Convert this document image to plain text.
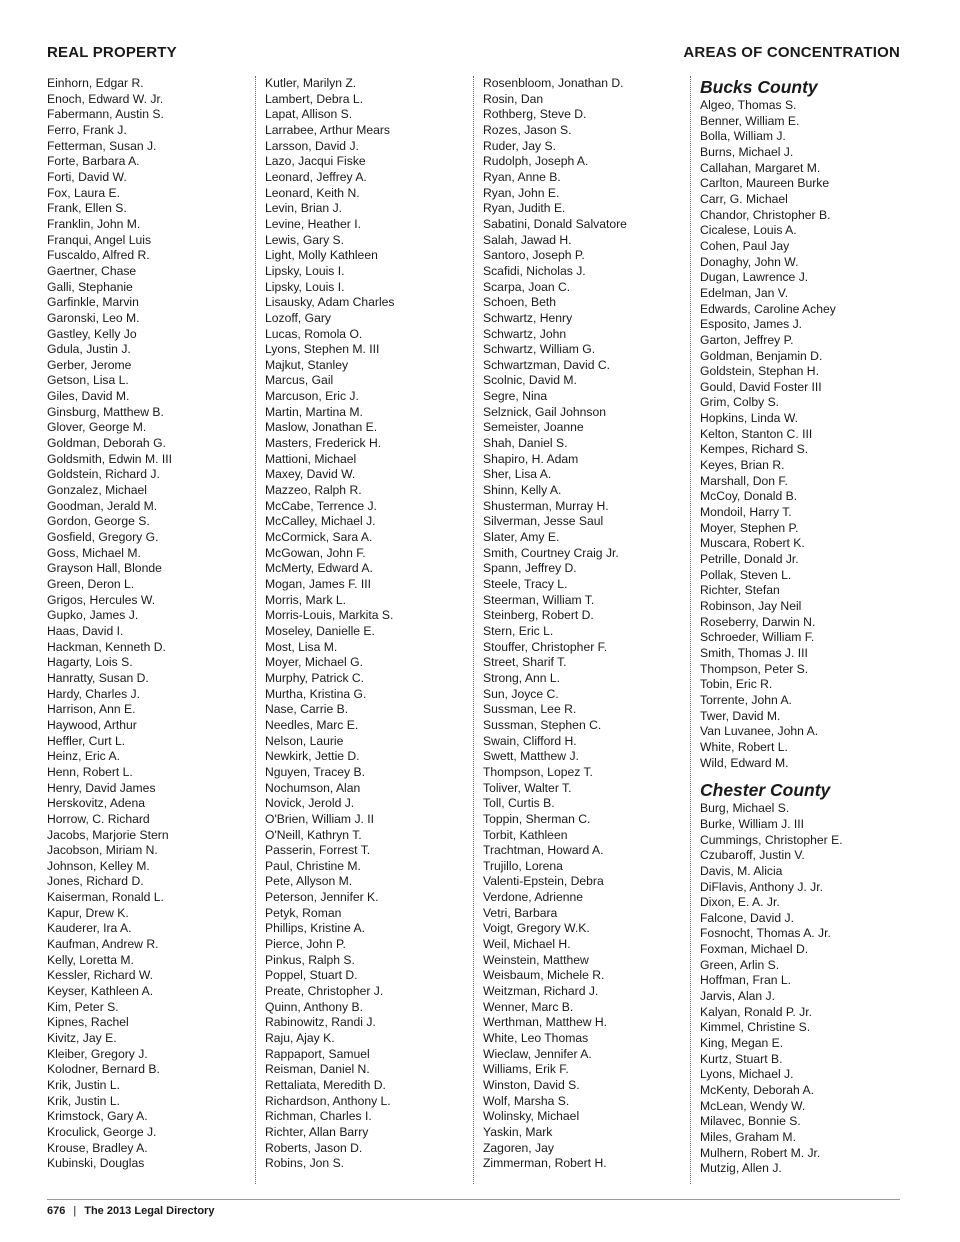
REAL PROPERTY	AREAS OF CONCENTRATION
Einhorn, Edgar R.
Enoch, Edward W. Jr.
Fabermann, Austin S.
Ferro, Frank J.
Fetterman, Susan J.
Forte, Barbara A.
Forti, David W.
Fox, Laura E.
Frank, Ellen S.
Franklin, John M.
Franqui, Angel Luis
Fuscaldo, Alfred R.
Gaertner, Chase
Galli, Stephanie
Garfinkle, Marvin
Garonski, Leo M.
Gastley, Kelly Jo
Gdula, Justin J.
Gerber, Jerome
Getson, Lisa L.
Giles, David M.
Ginsburg, Matthew B.
Glover, George M.
Goldman, Deborah G.
Goldsmith, Edwin M. III
Goldstein, Richard J.
Gonzalez, Michael
Goodman, Jerald M.
Gordon, George S.
Gosfield, Gregory G.
Goss, Michael M.
Grayson Hall, Blonde
Green, Deron L.
Grigos, Hercules W.
Gupko, James J.
Haas, David I.
Hackman, Kenneth D.
Hagarty, Lois S.
Hanratty, Susan D.
Hardy, Charles J.
Harrison, Ann E.
Haywood, Arthur
Heffler, Curt L.
Heinz, Eric A.
Henn, Robert L.
Henry, David James
Herskovitz, Adena
Horrow, C. Richard
Jacobs, Marjorie Stern
Jacobson, Miriam N.
Johnson, Kelley M.
Jones, Richard D.
Kaiserman, Ronald L.
Kapur, Drew K.
Kauderer, Ira A.
Kaufman, Andrew R.
Kelly, Loretta M.
Kessler, Richard W.
Keyser, Kathleen A.
Kim, Peter S.
Kipnes, Rachel
Kivitz, Jay E.
Kleiber, Gregory J.
Kolodner, Bernard B.
Krik, Justin L.
Krik, Justin L.
Krimstock, Gary A.
Kroculick, George J.
Krouse, Bradley A.
Kubinski, Douglas
Kutler, Marilyn Z.
Lambert, Debra L.
Lapat, Allison S.
Larrabee, Arthur Mears
Larsson, David J.
Lazo, Jacqui Fiske
Leonard, Jeffrey A.
Leonard, Keith N.
Levin, Brian J.
Levine, Heather I.
Lewis, Gary S.
Light, Molly Kathleen
Lipsky, Louis I.
Lipsky, Louis I.
Lisausky, Adam Charles
Lozoff, Gary
Lucas, Romola O.
Lyons, Stephen M. III
Majkut, Stanley
Marcus, Gail
Marcuson, Eric J.
Martin, Martina M.
Maslow, Jonathan E.
Masters, Frederick H.
Mattioni, Michael
Maxey, David W.
Mazzeo, Ralph R.
McCabe, Terrence J.
McCalley, Michael J.
McCormick, Sara A.
McGowan, John F.
McMerty, Edward A.
Mogan, James F. III
Morris, Mark L.
Morris-Louis, Markita S.
Moseley, Danielle E.
Most, Lisa M.
Moyer, Michael G.
Murphy, Patrick C.
Murtha, Kristina G.
Nase, Carrie B.
Needles, Marc E.
Nelson, Laurie
Newkirk, Jettie D.
Nguyen, Tracey B.
Nochumson, Alan
Novick, Jerold J.
O'Brien, William J. II
O'Neill, Kathryn T.
Passerin, Forrest T.
Paul, Christine M.
Pete, Allyson M.
Peterson, Jennifer K.
Petyk, Roman
Phillips, Kristine A.
Pierce, John P.
Pinkus, Ralph S.
Poppel, Stuart D.
Preate, Christopher J.
Quinn, Anthony B.
Rabinowitz, Randi J.
Raju, Ajay K.
Rappaport, Samuel
Reisman, Daniel N.
Rettaliata, Meredith D.
Richardson, Anthony L.
Richman, Charles I.
Richter, Allan Barry
Roberts, Jason D.
Robins, Jon S.
Rosenbloom, Jonathan D.
Rosin, Dan
Rothberg, Steve D.
Rozes, Jason S.
Ruder, Jay S.
Rudolph, Joseph A.
Ryan, Anne B.
Ryan, John E.
Ryan, Judith E.
Sabatini, Donald Salvatore
Salah, Jawad H.
Santoro, Joseph P.
Scafidi, Nicholas J.
Scarpa, Joan C.
Schoen, Beth
Schwartz, Henry
Schwartz, John
Schwartz, William G.
Schwartzman, David C.
Scolnic, David M.
Segre, Nina
Selznick, Gail Johnson
Semeister, Joanne
Shah, Daniel S.
Shapiro, H. Adam
Sher, Lisa A.
Shinn, Kelly A.
Shusterman, Murray H.
Silverman, Jesse Saul
Slater, Amy E.
Smith, Courtney Craig Jr.
Spann, Jeffrey D.
Steele, Tracy L.
Steerman, William T.
Steinberg, Robert D.
Stern, Eric L.
Stouffer, Christopher F.
Street, Sharif T.
Strong, Ann L.
Sun, Joyce C.
Sussman, Lee R.
Sussman, Stephen C.
Swain, Clifford H.
Swett, Matthew J.
Thompson, Lopez T.
Toliver, Walter T.
Toll, Curtis B.
Toppin, Sherman C.
Torbit, Kathleen
Trachtman, Howard A.
Trujillo, Lorena
Valenti-Epstein, Debra
Verdone, Adrienne
Vetri, Barbara
Voigt, Gregory W.K.
Weil, Michael H.
Weinstein, Matthew
Weisbaum, Michele R.
Weitzman, Richard J.
Wenner, Marc B.
Werthman, Matthew H.
White, Leo Thomas
Wieclaw, Jennifer A.
Williams, Erik F.
Winston, David S.
Wolf, Marsha S.
Wolinsky, Michael
Yaskin, Mark
Zagoren, Jay
Zimmerman, Robert H.
Bucks County
Algeo, Thomas S.
Benner, William E.
Bolla, William J.
Burns, Michael J.
Callahan, Margaret M.
Carlton, Maureen Burke
Carr, G. Michael
Chandor, Christopher B.
Cicalese, Louis A.
Cohen, Paul Jay
Donaghy, John W.
Dugan, Lawrence J.
Edelman, Jan V.
Edwards, Caroline Achey
Esposito, James J.
Garton, Jeffrey P.
Goldman, Benjamin D.
Goldstein, Stephan H.
Gould, David Foster III
Grim, Colby S.
Hopkins, Linda W.
Kelton, Stanton C. III
Kempes, Richard S.
Keyes, Brian R.
Marshall, Don F.
McCoy, Donald B.
Mondoil, Harry T.
Moyer, Stephen P.
Muscara, Robert K.
Petrille, Donald Jr.
Pollak, Steven L.
Richter, Stefan
Robinson, Jay Neil
Roseberry, Darwin N.
Schroeder, William F.
Smith, Thomas J. III
Thompson, Peter S.
Tobin, Eric R.
Torrente, John A.
Twer, David M.
Van Luvanee, John A.
White, Robert L.
Wild, Edward M.
Chester County
Burg, Michael S.
Burke, William J. III
Cummings, Christopher E.
Czubaroff, Justin V.
Davis, M. Alicia
DiFlavis, Anthony J. Jr.
Dixon, E. A. Jr.
Falcone, David J.
Fosnocht, Thomas A. Jr.
Foxman, Michael D.
Green, Arlin S.
Hoffman, Fran L.
Jarvis, Alan J.
Kalyan, Ronald P. Jr.
Kimmel, Christine S.
King, Megan E.
Kurtz, Stuart B.
Lyons, Michael J.
McKenty, Deborah A.
McLean, Wendy W.
Milavec, Bonnie S.
Miles, Graham M.
Mulhern, Robert M. Jr.
Mutzig, Allen J.
676 | The 2013 Legal Directory
